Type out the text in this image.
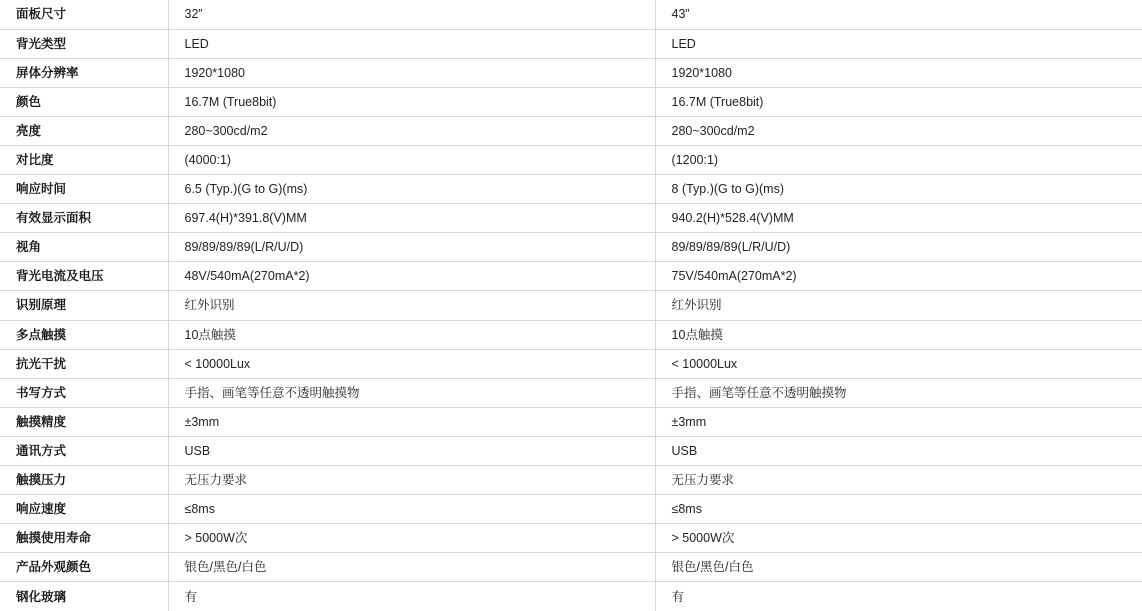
面板尺寸	32”	43”
背光类型	LED	LED
屏体分辨率	1920*1080	1920*1080
颜色	16.7M (True8bit)	16.7M (True8bit)
亮度	280~300cd/m2	280~300cd/m2
对比度	(4000:1)	(1200:1)
响应时间	6.5 (Typ.)(G to G)(ms)	8 (Typ.)(G to G)(ms)
有效显示面积	697.4(H)*391.8(V)MM	940.2(H)*528.4(V)MM
视角	89/89/89/89(L/R/U/D)	89/89/89/89(L/R/U/D)
背光电流及电压	48V/540mA(270mA*2)	75V/540mA(270mA*2)
识别原理	红外识别	红外识别
多点触摸	10点触摸	10点触摸
抗光干扰	< 10000Lux	< 10000Lux
书写方式	手指、画笔等任意不透明触摸物	手指、画笔等任意不透明触摸物
触摸精度	±3mm	±3mm
通讯方式	USB	USB
触摸压力	无压力要求	无压力要求
响应速度	≤8ms	≤8ms
触摸使用寿命	> 5000W次	> 5000W次
产品外观颜色	银色/黑色/白色	银色/黑色/白色
钢化玻璃	有	有
